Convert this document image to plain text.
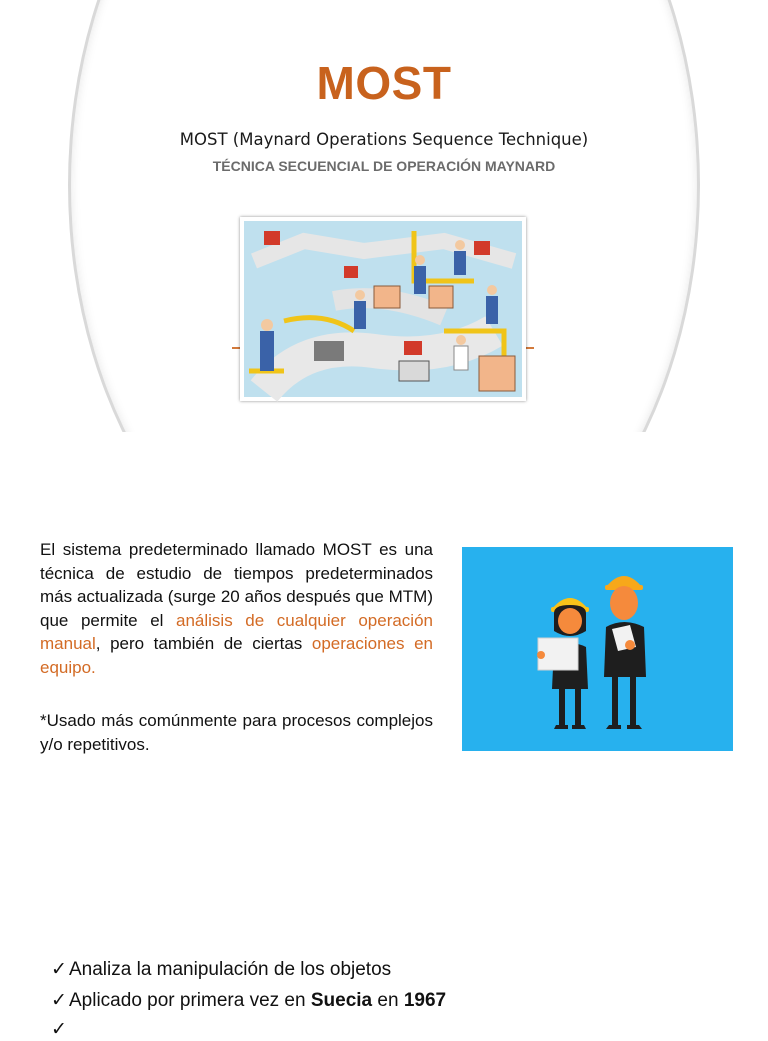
MOST
MOST (Maynard Operations Sequence Technique)
TÉCNICA SECUENCIAL DE OPERACIÓN MAYNARD
El sistema predeterminado llamado MOST es una técnica de estudio de tiempos predeterminados más actualizada (surge 20 años después que MTM) que permite el análisis de cualquier operación manual, pero también de ciertas operaciones en equipo.
*Usado más comúnmente para procesos complejos y/o repetitivos.
✓ Analiza la manipulación de los objetos
✓ Aplicado por primera vez en Suecia en 1967
✓
